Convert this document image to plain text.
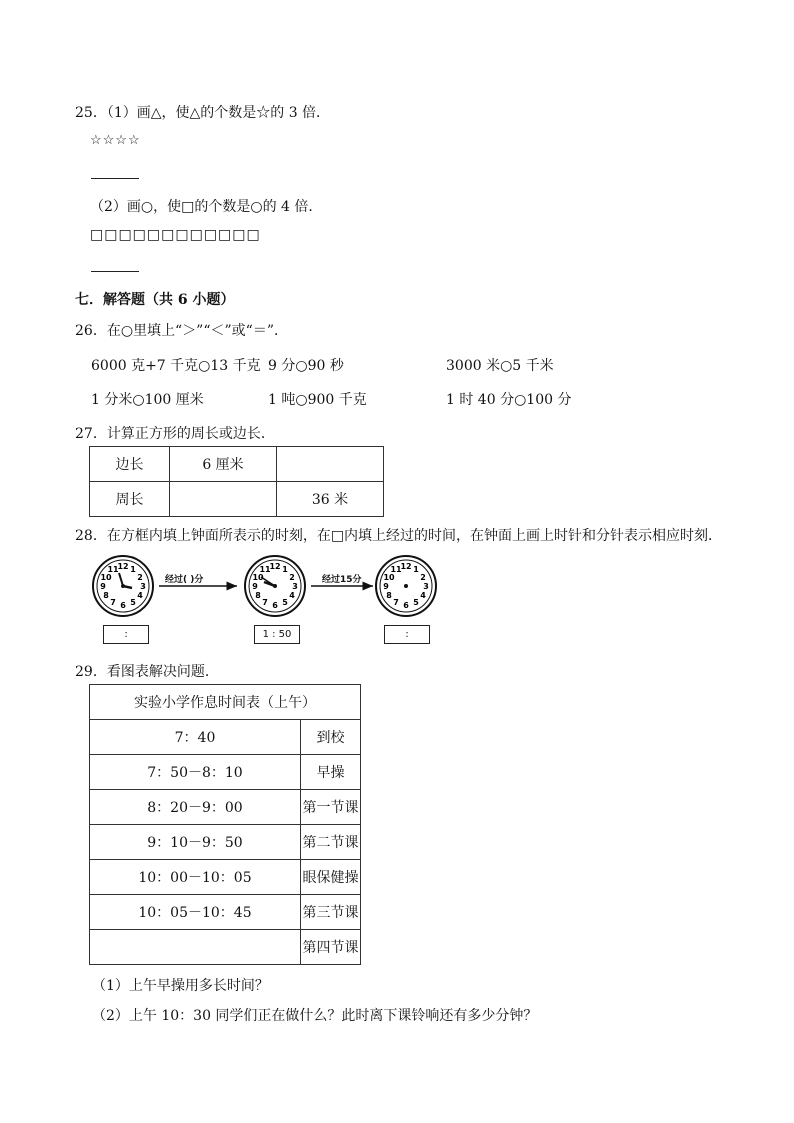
25．（1）画△，使△的个数是☆的 3 倍．
☆☆☆☆
（2）画○，使□的个数是○的 4 倍．
□□□□□□□□□□□□
七．解答题（共 6 小题）
26．在○里填上“＞”“＜”或“＝”．
6000 克+7 千克○13 千克 9 分○90 秒	3000 米○5 千米
1 分米○100 厘米	1 吨○900 千克	1 时 40 分○100 分
27．计算正方形的周长或边长．
边长	6 厘米	
周长		36 米
28．在方框内填上钟面所表示的时刻，在□内填上经过的时间，在钟面上画上时针和分针表示相应时刻．
12 1
2
3
4
5
6
7
8
9
10
11	12 1
2
3
4
5
6
7
8
9
10
11	12 1
2
3
4
5
6
7
8
9
10
11
经过( )分	经过15分
:	1 : 50	:
29．看图表解决问题．
实验小学作息时间表（上午）	
7：40	到校
7：50－8：10	早操
8：20－9：00	第一节课
9：10－9：50	第二节课
10：00－10：05	眼保健操
10：05－10：45	第三节课
	第四节课
（1）上午早操用多长时间？
（2）上午 10：30 同学们正在做什么？此时离下课铃响还有多少分钟？
